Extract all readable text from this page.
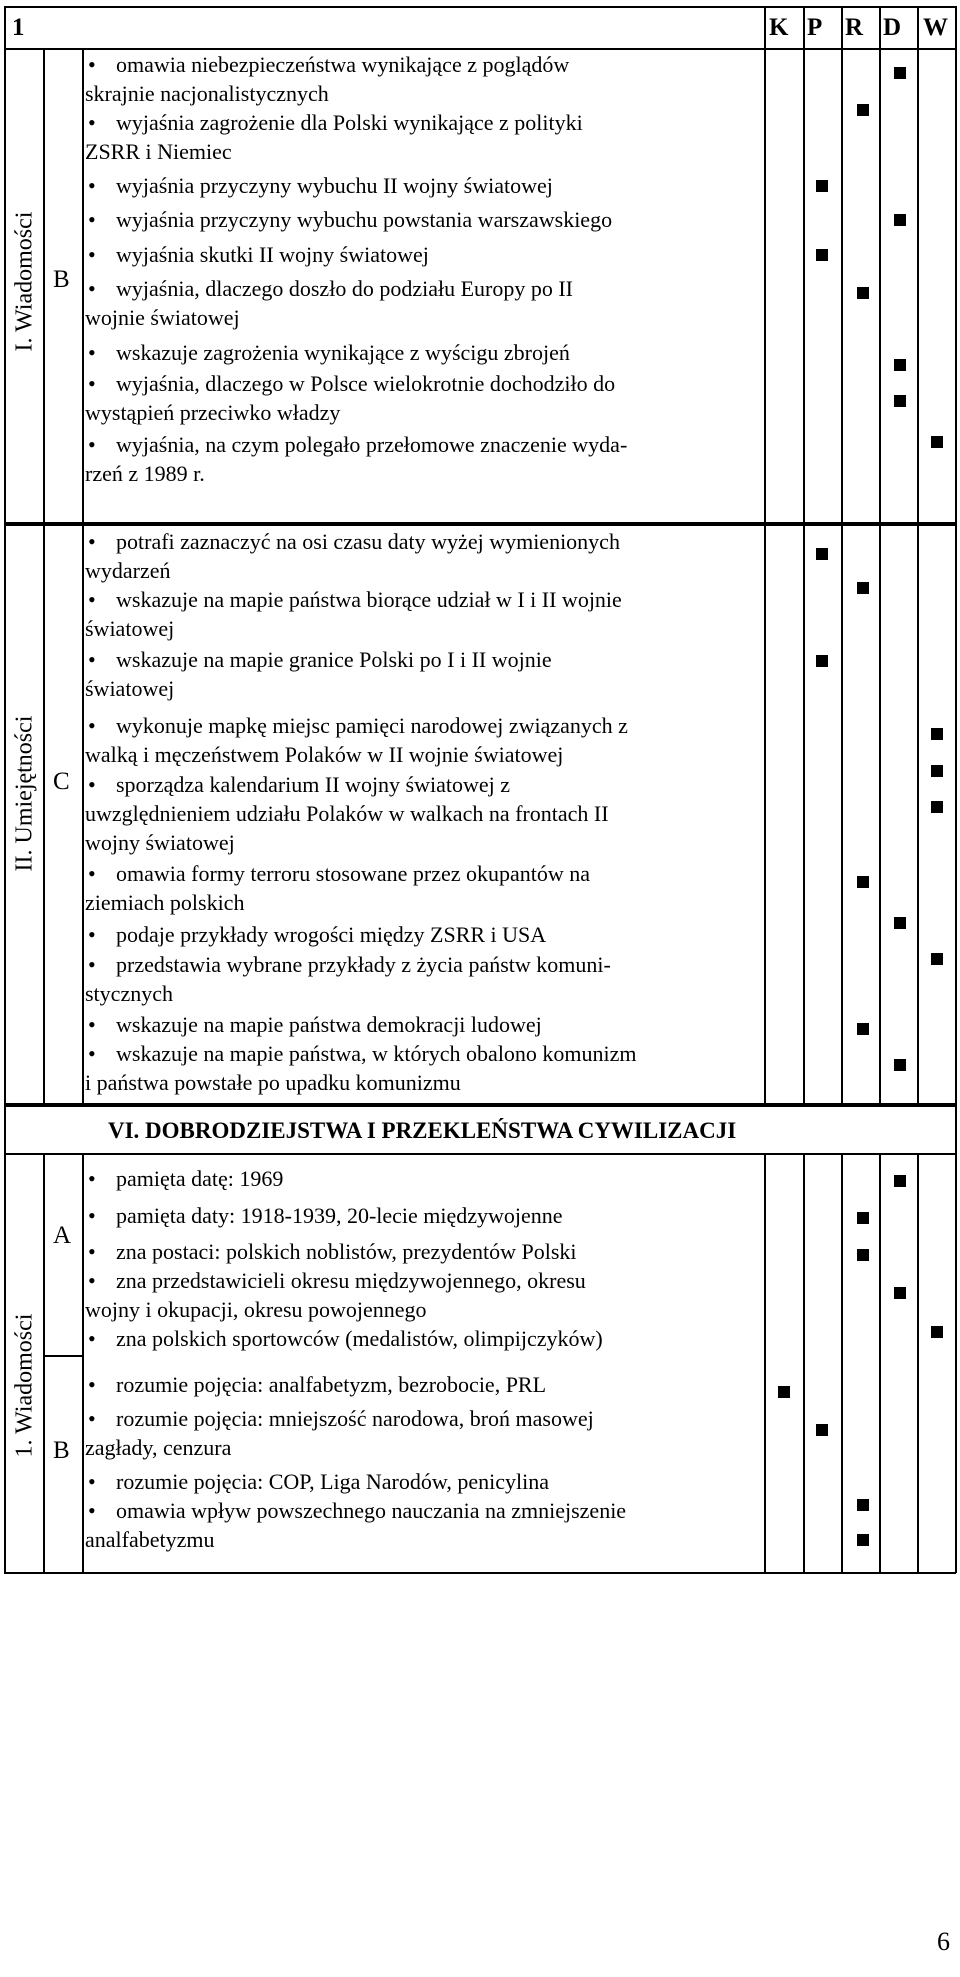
1	K P R D W
I. Wiadomości B
• omawia niebezpieczeństwa wynikające z poglądów
skrajnie nacjonalistycznych
• wyjaśnia zagrożenie dla Polski wynikające z polityki
ZSRR i Niemiec
• wyjaśnia przyczyny wybuchu II wojny światowej
• wyjaśnia przyczyny wybuchu powstania warszawskiego
• wyjaśnia skutki II wojny światowej
• wyjaśnia, dlaczego doszło do podziału Europy po II
wojnie światowej
• wskazuje zagrożenia wynikające z wyścigu zbrojeń
• wyjaśnia, dlaczego w Polsce wielokrotnie dochodziło do
wystąpień przeciwko władzy
• wyjaśnia, na czym polegało przełomowe znaczenie wyda-
rzeń z 1989 r.
II. Umiejętności C
• potrafi zaznaczyć na osi czasu daty wyżej wymienionych
wydarzeń
• wskazuje na mapie państwa biorące udział w I i II wojnie
światowej
• wskazuje na mapie granice Polski po I i II wojnie
światowej
• wykonuje mapkę miejsc pamięci narodowej związanych z
walką i męczeństwem Polaków w II wojnie światowej
• sporządza kalendarium II wojny światowej z
uwzględnieniem udziału Polaków w walkach na frontach II
wojny światowej
• omawia formy terroru stosowane przez okupantów na
ziemiach polskich
• podaje przykłady wrogości między ZSRR i USA
• przedstawia wybrane przykłady z życia państw komuni-
stycznych
• wskazuje na mapie państwa demokracji ludowej
• wskazuje na mapie państwa, w których obalono komunizm
i państwa powstałe po upadku komunizmu
VI. DOBRODZIEJSTWA I PRZEKLEŃSTWA CYWILIZACJI
1. Wiadomości
A
B
• pamięta datę: 1969
• pamięta daty: 1918-1939, 20-lecie międzywojenne
• zna postaci: polskich noblistów, prezydentów Polski
• zna przedstawicieli okresu międzywojennego, okresu
wojny i okupacji, okresu powojennego
• zna polskich sportowców (medalistów, olimpijczyków)
• rozumie pojęcia: analfabetyzm, bezrobocie, PRL
• rozumie pojęcia: mniejszość narodowa, broń masowej
zagłady, cenzura
• rozumie pojęcia: COP, Liga Narodów, penicylina
• omawia wpływ powszechnego nauczania na zmniejszenie
analfabetyzmu
6
